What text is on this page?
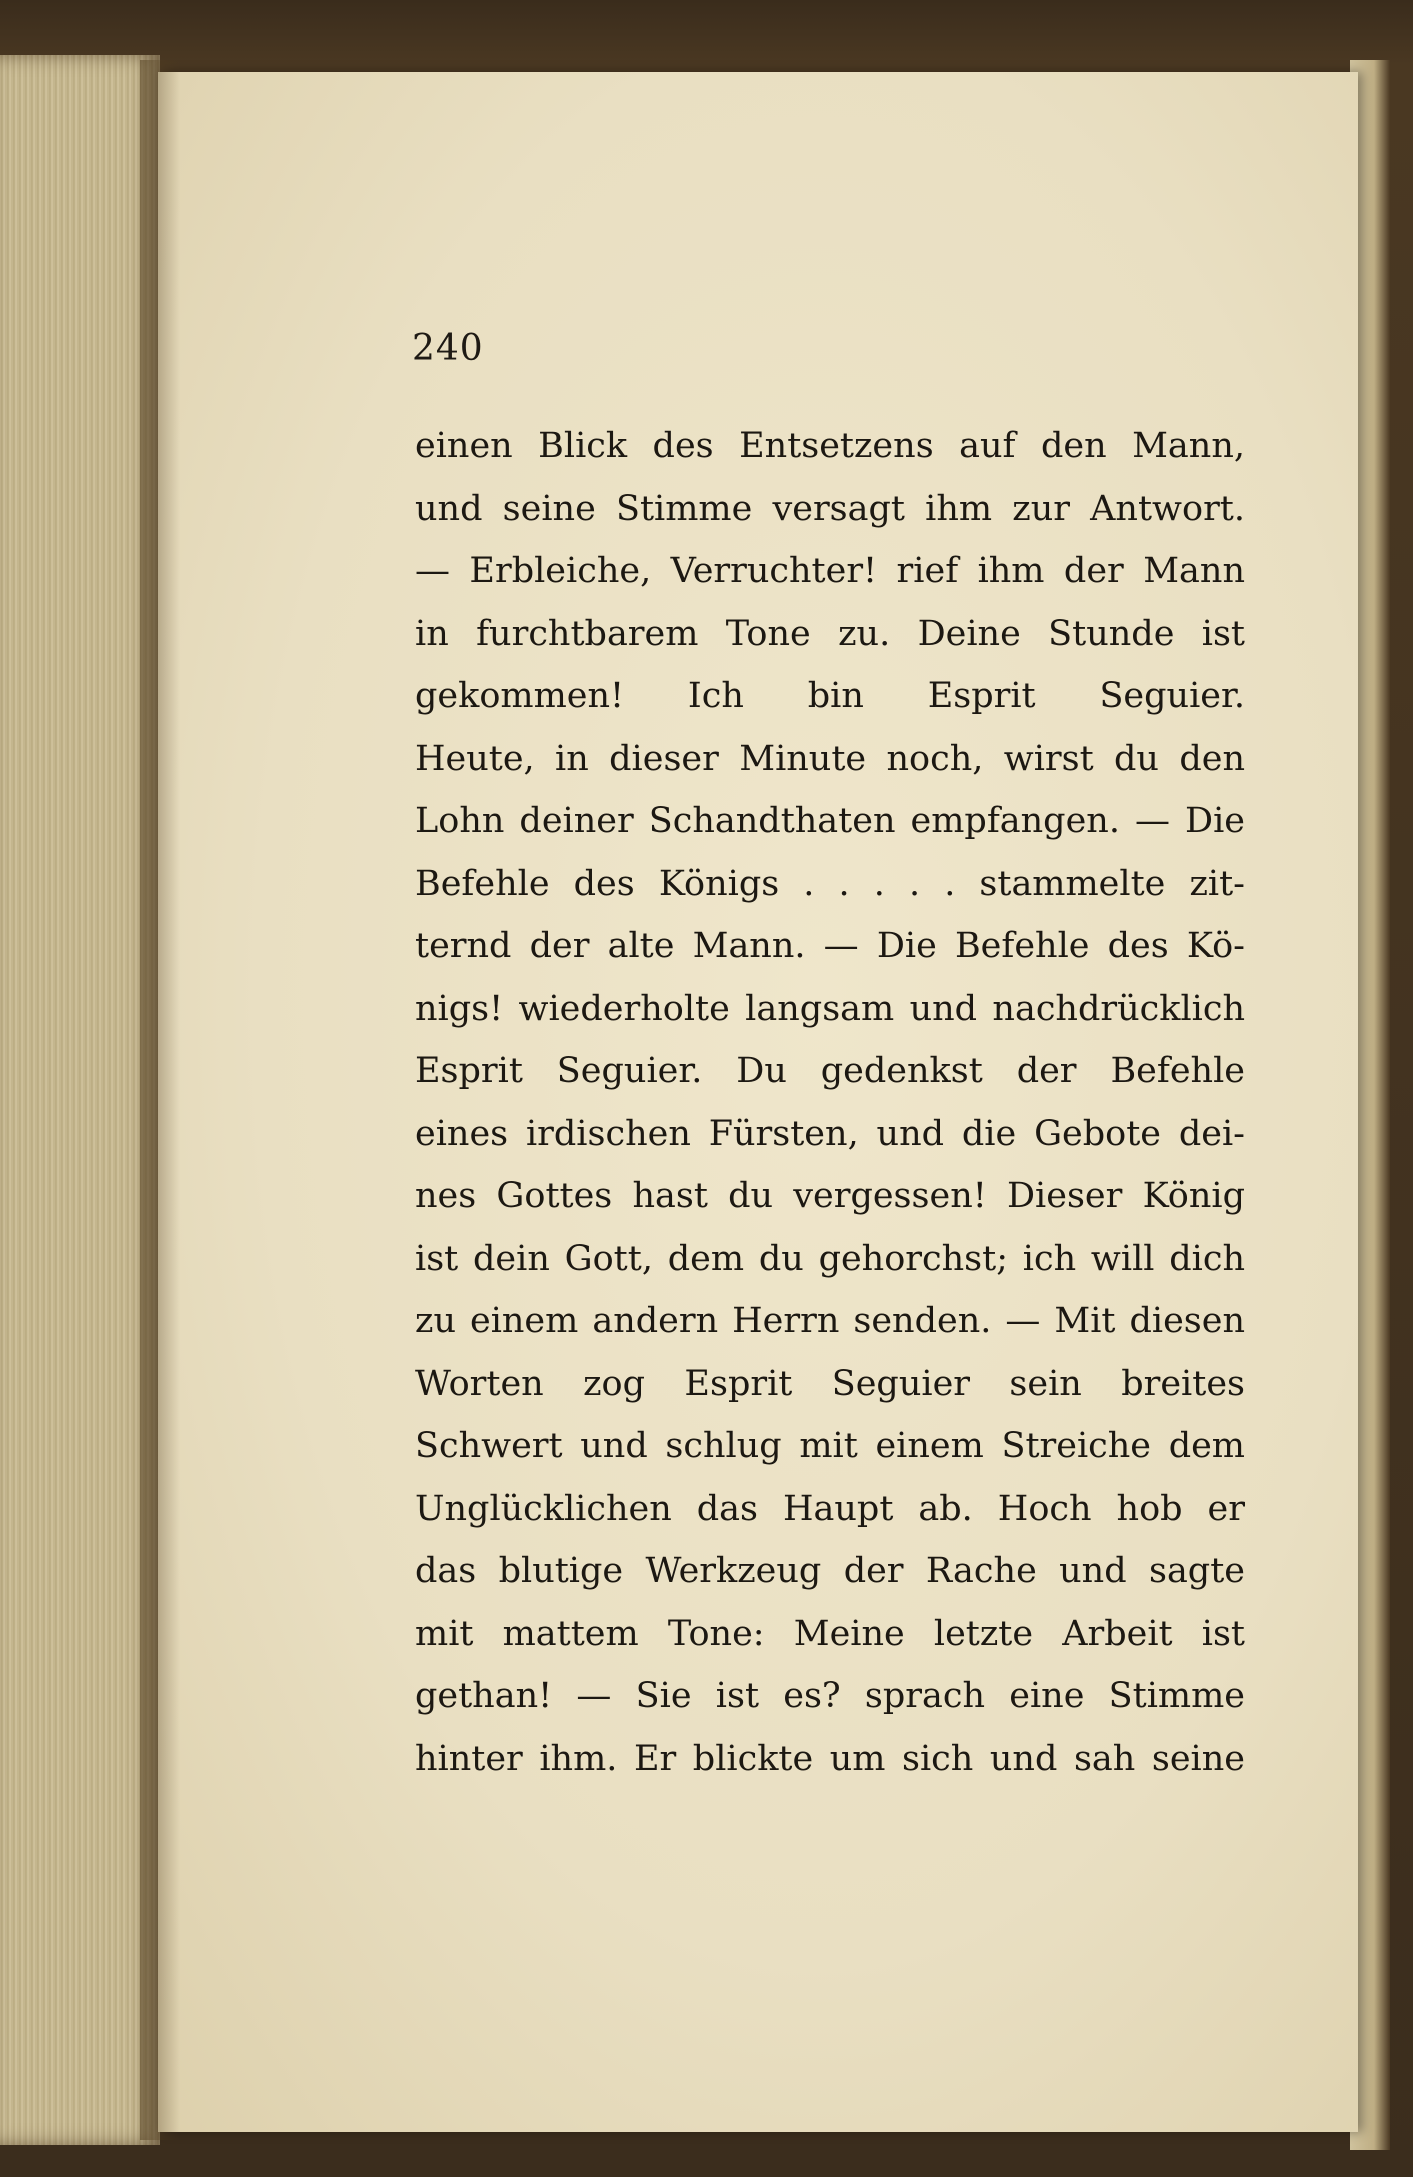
240
einen Blick des Entsetzens auf den Mann,
und seine Stimme versagt ihm zur Antwort.
— Erbleiche, Verruchter! rief ihm der Mann
in furchtbarem Tone zu. Deine Stunde ist
gekommen! Ich bin Esprit Seguier.
Heute, in dieser Minute noch, wirst du den
Lohn deiner Schandthaten empfangen. — Die
Befehle des Königs . . . . . stammelte zit-
ternd der alte Mann. — Die Befehle des Kö-
nigs! wiederholte langsam und nachdrücklich
Esprit Seguier. Du gedenkst der Befehle
eines irdischen Fürsten, und die Gebote dei-
nes Gottes hast du vergessen! Dieser König
ist dein Gott, dem du gehorchst; ich will dich
zu einem andern Herrn senden. — Mit diesen
Worten zog Esprit Seguier sein breites
Schwert und schlug mit einem Streiche dem
Unglücklichen das Haupt ab. Hoch hob er
das blutige Werkzeug der Rache und sagte
mit mattem Tone: Meine letzte Arbeit ist
gethan! — Sie ist es? sprach eine Stimme
hinter ihm. Er blickte um sich und sah seine
